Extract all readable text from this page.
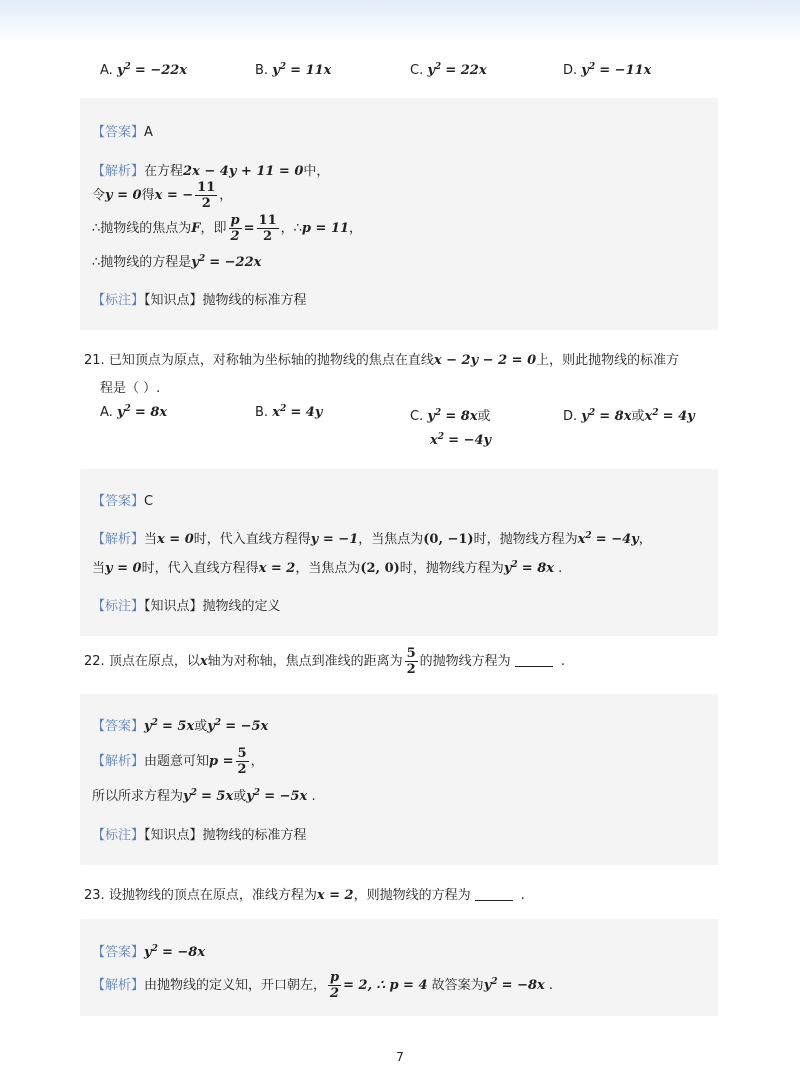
A. $y^2 = -22x$	B. $y^2 = 11x$	C. $y^2 = 22x$	D. $y^2 = -11x$
【答案】A
【解析】在方程2x − 4y + 11 = 0中，
令y = 0得x = − $\frac{11}{2}$ ，
∴抛物线的焦点为F，即 $\frac{p}{2} = \frac{11}{2}$ ，∴p = 11，
∴抛物线的方程是$y^2 = -22x$
【标注】【知识点】抛物线的标准方程
21. 已知顶点为原点，对称轴为坐标轴的抛物线的焦点在直线x − 2y − 2 = 0上，则此抛物线的标准方
程是（ ）.
A. $y^2 = 8x$	B. $x^2 = 4y$	C. $y^2 = 8x$或
$x^2 = -4y$
D. $y^2 = 8x$或$x^2 = 4y$
【答案】C
【解析】当x = 0时，代入直线方程得y = −1，当焦点为(0, −1)时，抛物线方程为$x^2 = -4y$，
当y = 0时，代入直线方程得x = 2，当焦点为(2, 0)时，抛物线方程为$y^2 = 8x$ .
【标注】【知识点】抛物线的定义
22. 顶点在原点，以x轴为对称轴，焦点到准线的距离为 $\frac{5}{2}$ 的抛物线方程为	.
【答案】$y^2 = 5x$或$y^2 = -5x$
【解析】由题意可知$p = \frac{5}{2}$ ，
所以所求方程为$y^2 = 5x$或$y^2 = -5x$ .
【标注】【知识点】抛物线的标准方程
23. 设抛物线的顶点在原点，准线方程为x = 2，则抛物线的方程为	.
【答案】$y^2 = -8x$
【解析】由抛物线的定义知，开口朝左， $\frac{p}{2} = 2$, ∴ p = 4 故答案为$y^2 = -8x$ .
7
